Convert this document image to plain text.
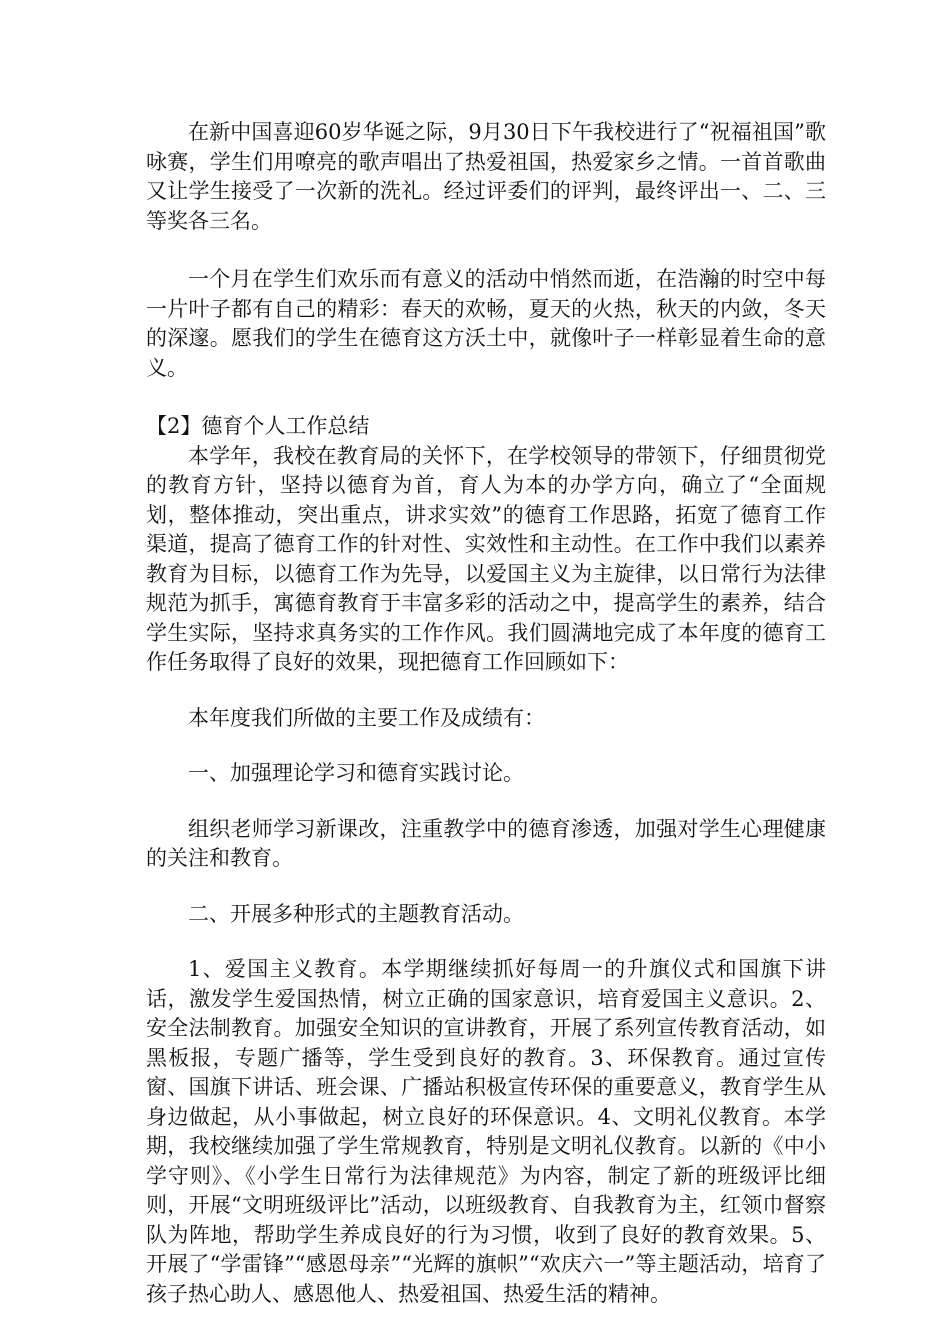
在新中国喜迎60岁华诞之际，9月30日下午我校进行了“祝福祖国”歌咏赛，学生们用嘹亮的歌声唱出了热爱祖国，热爱家乡之情。一首首歌曲又让学生接受了一次新的洗礼。经过评委们的评判，最终评出一、二、三等奖各三名。

一个月在学生们欢乐而有意义的活动中悄然而逝，在浩瀚的时空中每一片叶子都有自己的精彩：春天的欢畅，夏天的火热，秋天的内敛，冬天的深邃。愿我们的学生在德育这方沃土中，就像叶子一样彰显着生命的意义。

【2】德育个人工作总结

本学年，我校在教育局的关怀下，在学校领导的带领下，仔细贯彻党的教育方针，坚持以德育为首，育人为本的办学方向，确立了“全面规划，整体推动，突出重点，讲求实效”的德育工作思路，拓宽了德育工作渠道，提高了德育工作的针对性、实效性和主动性。在工作中我们以素养教育为目标，以德育工作为先导，以爱国主义为主旋律，以日常行为法律规范为抓手，寓德育教育于丰富多彩的活动之中，提高学生的素养，结合学生实际，坚持求真务实的工作作风。我们圆满地完成了本年度的德育工作任务取得了良好的效果，现把德育工作回顾如下：

本年度我们所做的主要工作及成绩有：

一、加强理论学习和德育实践讨论。

组织老师学习新课改，注重教学中的德育渗透，加强对学生心理健康的关注和教育。

二、开展多种形式的主题教育活动。

1、爱国主义教育。本学期继续抓好每周一的升旗仪式和国旗下讲话，激发学生爱国热情，树立正确的国家意识，培育爱国主义意识。2、安全法制教育。加强安全知识的宣讲教育，开展了系列宣传教育活动，如黑板报，专题广播等，学生受到良好的教育。3、环保教育。通过宣传窗、国旗下讲话、班会课、广播站积极宣传环保的重要意义，教育学生从身边做起，从小事做起，树立良好的环保意识。4、文明礼仪教育。本学期，我校继续加强了学生常规教育，特别是文明礼仪教育。以新的《中小学守则》、《小学生日常行为法律规范》为内容，制定了新的班级评比细则，开展“文明班级评比”活动，以班级教育、自我教育为主，红领巾督察队为阵地，帮助学生养成良好的行为习惯，收到了良好的教育效果。5、开展了“学雷锋”“感恩母亲”“光辉的旗帜”“欢庆六一”等主题活动，培育了孩子热心助人、感恩他人、热爱祖国、热爱生活的精神。
